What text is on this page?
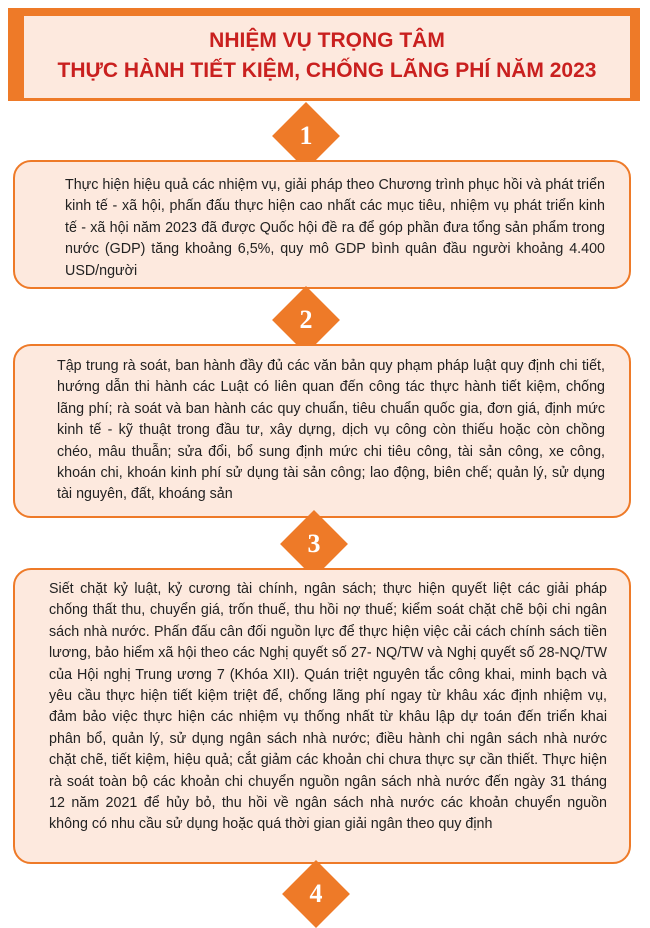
NHIỆM VỤ TRỌNG TÂM
THỰC HÀNH TIẾT KIỆM, CHỐNG LÃNG PHÍ NĂM 2023
1

Thực hiện hiệu quả các nhiệm vụ, giải pháp theo Chương trình phục hồi và phát triển kinh tế - xã hội, phấn đấu thực hiện cao nhất các mục tiêu, nhiệm vụ phát triển kinh tế - xã hội năm 2023 đã được Quốc hội đề ra để góp phần đưa tổng sản phẩm trong nước (GDP) tăng khoảng 6,5%, quy mô GDP bình quân đầu người khoảng 4.400 USD/người

2

Tập trung rà soát, ban hành đầy đủ các văn bản quy phạm pháp luật quy định chi tiết, hướng dẫn thi hành các Luật có liên quan đến công tác thực hành tiết kiệm, chống lãng phí; rà soát và ban hành các quy chuẩn, tiêu chuẩn quốc gia, đơn giá, định mức kinh tế - kỹ thuật trong đầu tư, xây dựng, dịch vụ công còn thiếu hoặc còn chồng chéo, mâu thuẫn; sửa đổi, bổ sung định mức chi tiêu công, tài sản công, xe công, khoán chi, khoán kinh phí sử dụng tài sản công; lao động, biên chế; quản lý, sử dụng tài nguyên, đất, khoáng sản

3

Siết chặt kỷ luật, kỷ cương tài chính, ngân sách; thực hiện quyết liệt các giải pháp chống thất thu, chuyển giá, trốn thuế, thu hồi nợ thuế; kiểm soát chặt chẽ bội chi ngân sách nhà nước. Phấn đấu cân đối nguồn lực để thực hiện việc cải cách chính sách tiền lương, bảo hiểm xã hội theo các Nghị quyết số 27- NQ/TW và Nghị quyết số 28-NQ/TW của Hội nghị Trung ương 7 (Khóa XII). Quán triệt nguyên tắc công khai, minh bạch và yêu cầu thực hiện tiết kiệm triệt để, chống lãng phí ngay từ khâu xác định nhiệm vụ, đảm bảo việc thực hiện các nhiệm vụ thống nhất từ khâu lập dự toán đến triển khai phân bổ, quản lý, sử dụng ngân sách nhà nước; điều hành chi ngân sách nhà nước chặt chẽ, tiết kiệm, hiệu quả; cắt giảm các khoản chi chưa thực sự cần thiết. Thực hiện rà soát toàn bộ các khoản chi chuyển nguồn ngân sách nhà nước đến ngày 31 tháng 12 năm 2021 để hủy bỏ, thu hồi về ngân sách nhà nước các khoản chuyển nguồn không có nhu cầu sử dụng hoặc quá thời gian giải ngân theo quy định

4
